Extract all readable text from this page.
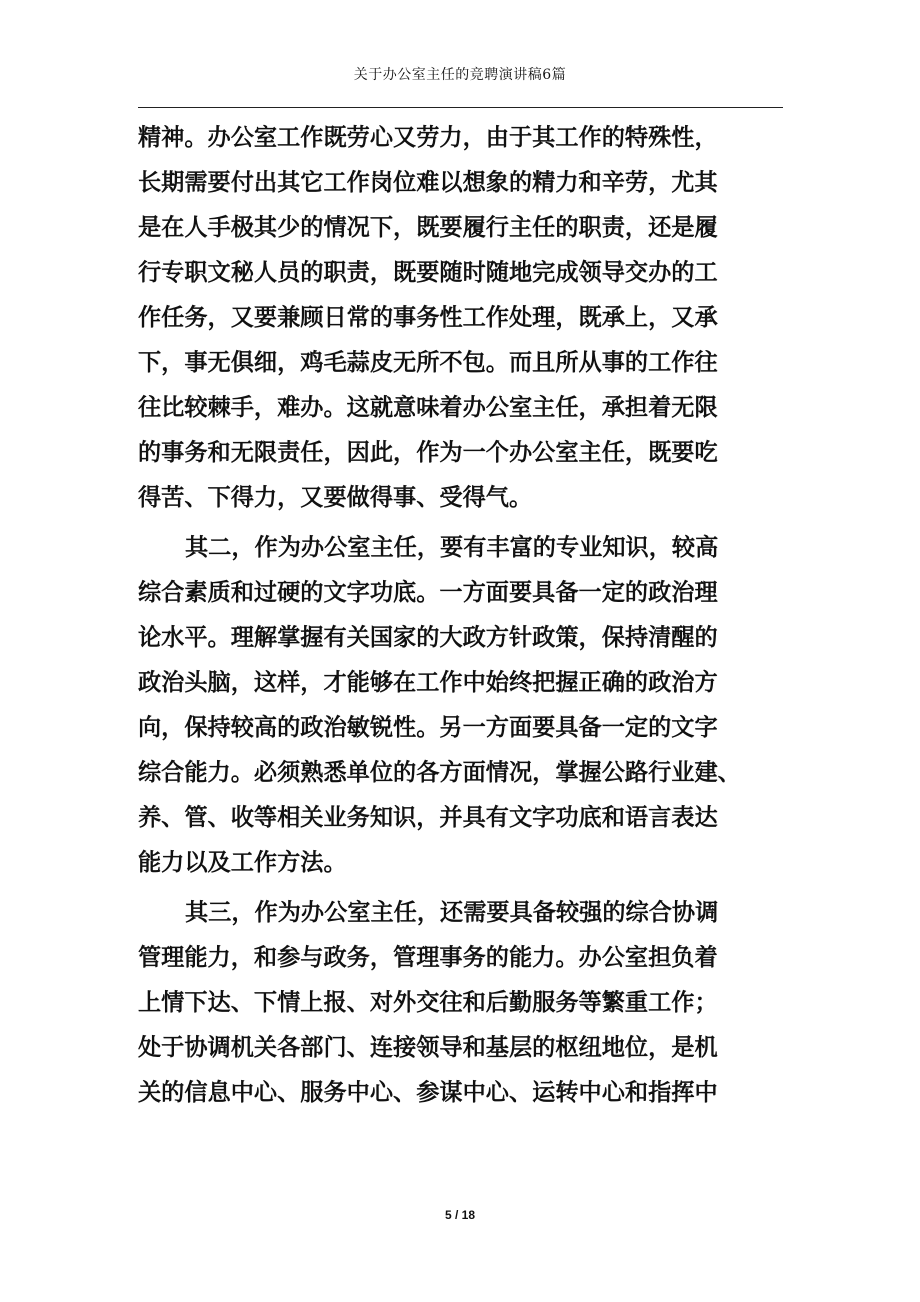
关于办公室主任的竞聘演讲稿6篇
精神。办公室工作既劳心又劳力，由于其工作的特殊性，
长期需要付出其它工作岗位难以想象的精力和辛劳，尤其
是在人手极其少的情况下，既要履行主任的职责，还是履
行专职文秘人员的职责，既要随时随地完成领导交办的工
作任务，又要兼顾日常的事务性工作处理，既承上，又承
下，事无俱细，鸡毛蒜皮无所不包。而且所从事的工作往
往比较棘手，难办。这就意味着办公室主任，承担着无限
的事务和无限责任，因此，作为一个办公室主任，既要吃
得苦、下得力，又要做得事、受得气。
其二，作为办公室主任，要有丰富的专业知识，较高
综合素质和过硬的文字功底。一方面要具备一定的政治理
论水平。理解掌握有关国家的大政方针政策，保持清醒的
政治头脑，这样，才能够在工作中始终把握正确的政治方
向，保持较高的政治敏锐性。另一方面要具备一定的文字
综合能力。必须熟悉单位的各方面情况，掌握公路行业建、
养、管、收等相关业务知识，并具有文字功底和语言表达
能力以及工作方法。
其三，作为办公室主任，还需要具备较强的综合协调
管理能力，和参与政务，管理事务的能力。办公室担负着
上情下达、下情上报、对外交往和后勤服务等繁重工作；
处于协调机关各部门、连接领导和基层的枢纽地位，是机
关的信息中心、服务中心、参谋中心、运转中心和指挥中
5 / 18
